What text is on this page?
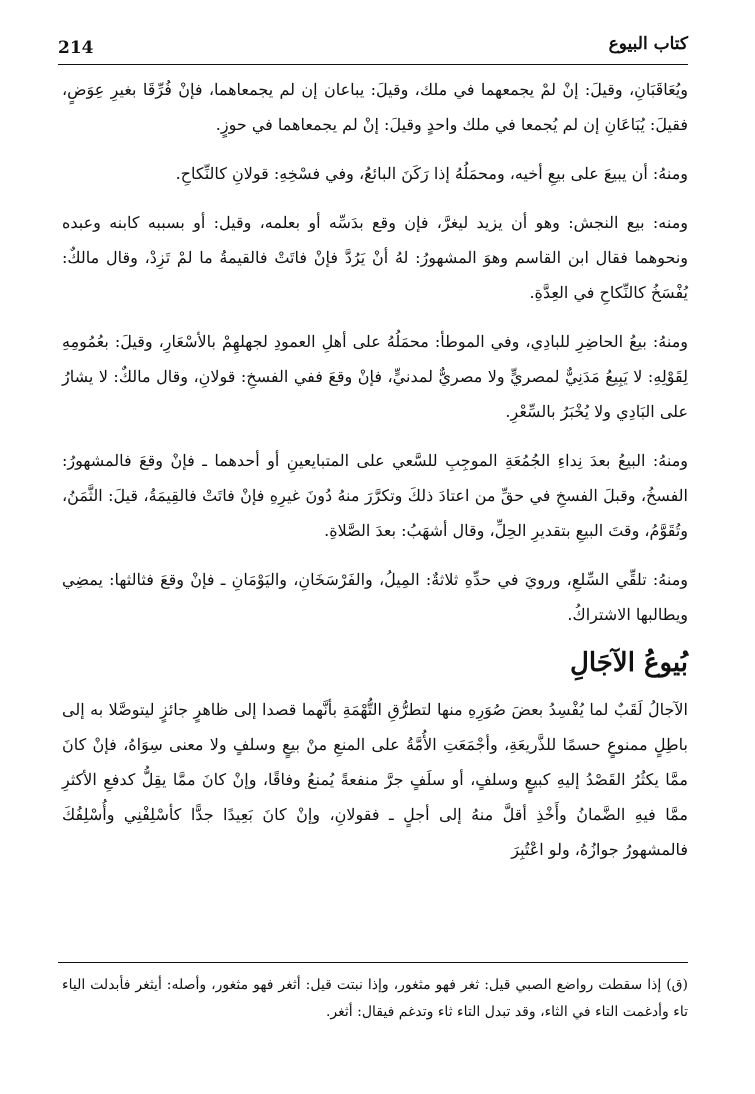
214	كتاب البيوع

ويُعَاقَبَانِ، وقيلَ: إنْ لمْ يجمعهما في ملك، وقيلَ: يباعان إن لم يجمعاهما، فإنْ فُرِّقَا بغيرِ عِوَضٍ، فقيلَ: يُبَاعَانِ إن لم يُجمعا في ملك واحدٍ وقيلَ: إنْ لم يجمعاهما في حوزٍ.

ومنهُ: أن يبيعَ على بيعِ أخيه، ومحمَلُهُ إذا رَكَنَ البائعُ، وفي فسْخِهِ: قولانِ كالنِّكاحِ.

ومنه: بيع النجش: وهو أن يزيد ليغرَّ، فإن وقع بدَسِّه أو بعلمه، وقيل: أو بسببه كابنه وعبده ونحوهما فقال ابن القاسم وهوَ المشهورُ: لهُ أنْ يَرُدَّ فإنْ فاتَتْ فالقيمةُ ما لمْ تَزِدْ، وقال مالكٌ: يُفْسَخُ كالنِّكاحِ في العِدَّةِ.

ومنهُ: بيعُ الحاضِرِ للبادِي، وفي الموطأ: محمَلُهُ على أهلِ العمودِ لجهلهِمْ بالأسْعَارِ، وقيلَ: بعُمُومِهِ لِقَوْلِهِ: لا يَبِيعُ مَدَنِيٌّ لمصريٍّ ولا مصريٌّ لمدنيٍّ، فإنْ وقعَ ففي الفسخِ: قولانِ، وقال مالكٌ: لا يشارُ على البَادِي ولا يُخْبَرُ بالسِّعْرِ.

ومنهُ: البيعُ بعدَ نِداءِ الجُمُعَةِ الموجِبِ للسَّعي على المتبايعينِ أو أحدهما ـ فإنْ وقعَ فالمشهورُ: الفسخُ، وقبلَ الفسخِ في حقِّ من اعتادَ ذلكَ وتكرَّرَ منهُ دُونَ غيرِهِ فإنْ فاتَتْ فالقِيمَةُ، قيلَ: الثَّمَنُ، وتُقَوَّمُ، وقتَ البيعِ بتقديرِ الحِلِّ، وقال أشهَبُ: بعدَ الصَّلاةِ.

ومنهُ: تلقِّي السِّلعِ، ورويَ في حدِّهِ ثلاثةٌ: المِيلُ، والفَرْسَخَانِ، واليَوْمَانِ ـ فإنْ وقعَ فثالثها: يمضِي ويطالبها الاشتراكُ.

بُيوعُ الآجَالِ

الآجالُ لَقَبٌ لما يُفْسِدُ بعضَ صُوَرِهِ منها لتطرُّقِ التُّهْمَةِ بأنَّهما قصدا إلى ظاهرٍ جائزٍ ليتوصَّلا به إلى باطِلٍ ممنوعٍ حسمًا للذَّريعَةِ، وأجْمَعَتِ الأُمَّةُ على المنعِ منْ بيعٍ وسلفٍ ولا معنى سِوَاهُ، فإنْ كانَ ممَّا يكثُرُ القَصْدُ إليهِ كبيعٍ وسلفٍ، أو سلَفٍ جرَّ منفعةً يُمنعُ وفاقًا، وإنْ كانَ ممَّا يقِلُّ كدفعِ الأكثرِ ممَّا فيهِ الضَّمانُ وأَخْذِ أقلَّ منهُ إلى أجلٍ ـ فقولانِ، وإنْ كانَ بَعِيدًا جدًّا كأسْلِفْنِي وأُسْلِفُكَ فالمشهورُ جوازُهُ، ولو اعْتُبِرَ

(ق) إذا سقطت رواضع الصبي قيل: ثغر فهو مثغور، وإذا نبتت قيل: أثغر فهو مثغور، وأصله: أيثغر فأبدلت الياء تاء وأدغمت التاء في الثاء، وقد تبدل التاء ثاء وتدغم فيقال: أثغر.
